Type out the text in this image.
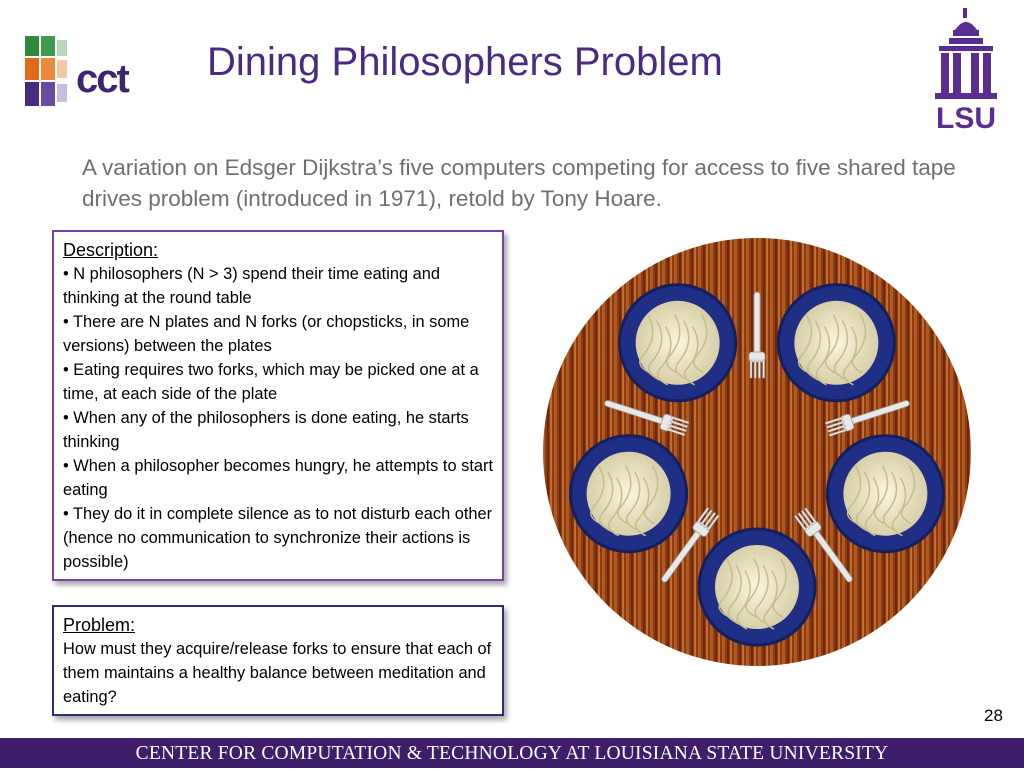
cct Dining Philosophers Problem
LSU
A variation on Edsger Dijkstra’s five computers competing for access to five shared tape drives problem (introduced in 1971), retold by Tony Hoare.
Description:
• N philosophers (N > 3) spend their time eating and thinking at the round table
• There are N plates and N forks (or chopsticks, in some versions) between the plates
• Eating requires two forks, which may be picked one at a time, at each side of the plate
• When any of the philosophers is done eating, he starts thinking
• When a philosopher becomes hungry, he attempts to start eating
• They do it in complete silence as to not disturb each other (hence no communication to synchronize their actions is possible)
Problem:
How must they acquire/release forks to ensure that each of them maintains a healthy balance between meditation and eating?
28
CENTER FOR COMPUTATION & TECHNOLOGY AT LOUISIANA STATE UNIVERSITY
